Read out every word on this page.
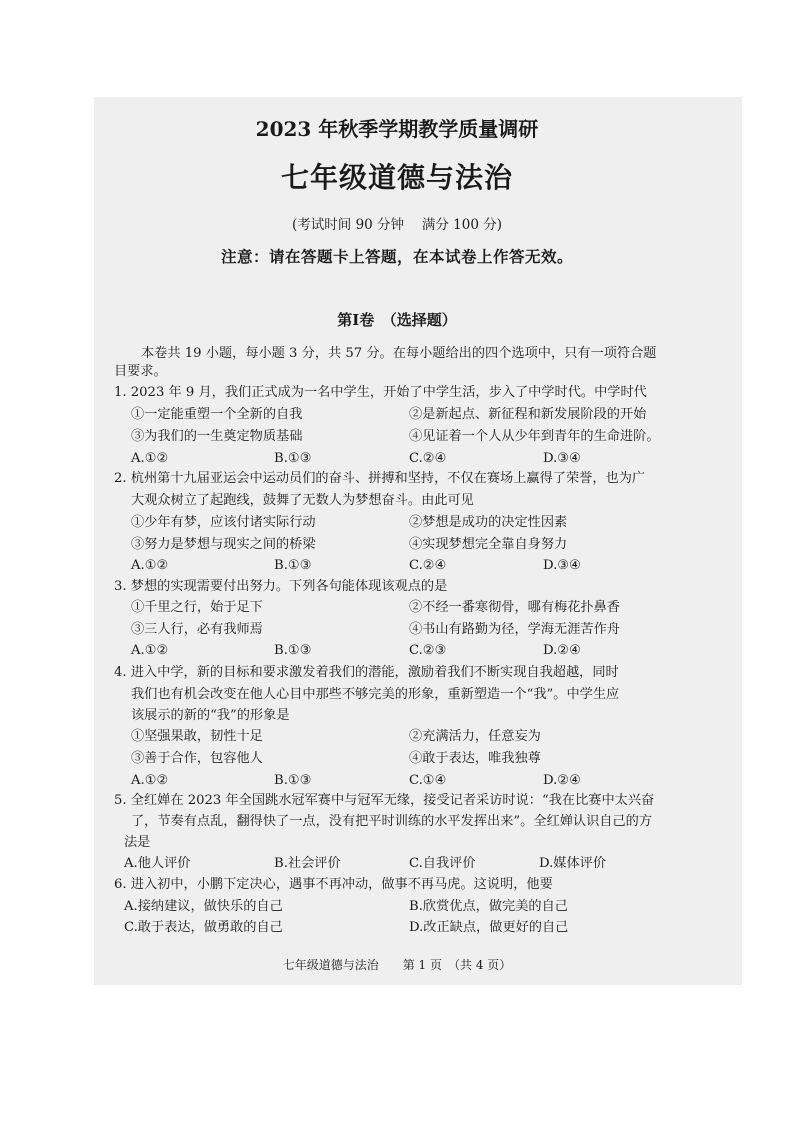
2023 年秋季学期教学质量调研
七年级道德与法治
(考试时间 90 分钟　 满分 100 分)
注意：请在答题卡上答题，在本试卷上作答无效。
第Ⅰ卷　（选择题）
本卷共 19 小题，每小题 3 分，共 57 分。在每小题给出的四个选项中，只有一项符合题
目要求。
1. 2023 年 9 月，我们正式成为一名中学生，开始了中学生活，步入了中学时代。中学时代
①一定能重塑一个全新的自我	②是新起点、新征程和新发展阶段的开始
③为我们的一生奠定物质基础	④见证着一个人从少年到青年的生命进阶。
A.①②	B.①③	C.②④	D.③④
2. 杭州第十九届亚运会中运动员们的奋斗、拼搏和坚持，不仅在赛场上赢得了荣誉，也为广
大观众树立了起跑线，鼓舞了无数人为梦想奋斗。由此可见
①少年有梦，应该付诸实际行动	②梦想是成功的决定性因素
③努力是梦想与现实之间的桥梁	④实现梦想完全靠自身努力
A.①②	B.①③	C.②④	D.③④
3. 梦想的实现需要付出努力。下列各句能体现该观点的是
①千里之行，始于足下	②不经一番寒彻骨，哪有梅花扑鼻香
③三人行，必有我师焉	④书山有路勤为径，学海无涯苦作舟
A.①②	B.①③	C.②③	D.②④
4. 进入中学，新的目标和要求激发着我们的潜能，激励着我们不断实现自我超越，同时
我们也有机会改变在他人心目中那些不够完美的形象，重新塑造一个“我”。中学生应
该展示的新的“我”的形象是
①坚强果敢，韧性十足	②充满活力，任意妄为
③善于合作，包容他人	④敢于表达，唯我独尊
A.①②	B.①③	C.①④	D.②④
5. 全红婵在 2023 年全国跳水冠军赛中与冠军无缘，接受记者采访时说：“我在比赛中太兴奋
了，节奏有点乱，翻得快了一点，没有把平时训练的水平发挥出来”。全红婵认识自己的方
法是
A.他人评价	B.社会评价	C.自我评价	D.媒体评价
6. 进入初中，小鹏下定决心，遇事不再冲动，做事不再马虎。这说明，他要
A.接纳建议，做快乐的自己	B.欣赏优点，做完美的自己
C.敢于表达，做勇敢的自己	D.改正缺点，做更好的自己
七年级道德与法治　　第 1 页　（共 4 页）
